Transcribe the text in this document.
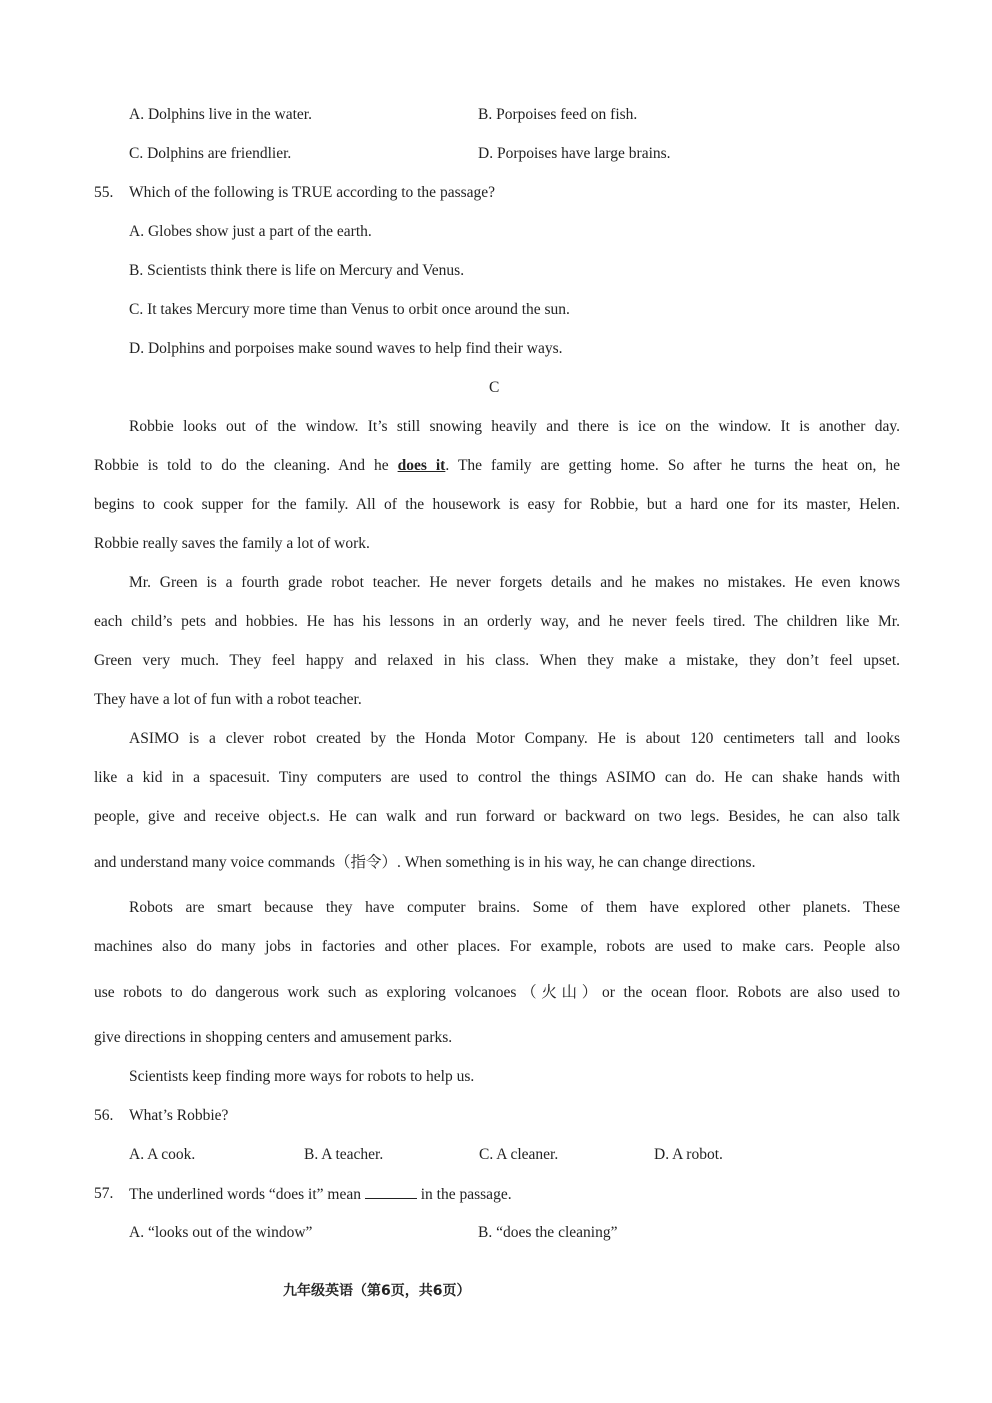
A. Dolphins live in the water.	B. Porpoises feed on fish.
C. Dolphins are friendlier.	D. Porpoises have large brains.
55. Which of the following is TRUE according to the passage?
A. Globes show just a part of the earth.
B. Scientists think there is life on Mercury and Venus.
C. It takes Mercury more time than Venus to orbit once around the sun.
D. Dolphins and porpoises make sound waves to help find their ways.
C
Robbie looks out of the window. It’s still snowing heavily and there is ice on the window. It is another day.
Robbie is told to do the cleaning. And he does it. The family are getting home. So after he turns the heat on, he
begins to cook supper for the family. All of the housework is easy for Robbie, but a hard one for its master, Helen.
Robbie really saves the family a lot of work.
Mr. Green is a fourth grade robot teacher. He never forgets details and he makes no mistakes. He even knows
each child’s pets and hobbies. He has his lessons in an orderly way, and he never feels tired. The children like Mr.
Green very much. They feel happy and relaxed in his class. When they make a mistake, they don’t feel upset.
They have a lot of fun with a robot teacher.
ASIMO is a clever robot created by the Honda Motor Company. He is about 120 centimeters tall and looks
like a kid in a spacesuit. Tiny computers are used to control the things ASIMO can do. He can shake hands with
people, give and receive object.s. He can walk and run forward or backward on two legs. Besides, he can also talk
and understand many voice commands（指令）. When something is in his way, he can change directions.
Robots are smart because they have computer brains. Some of them have explored other planets. These
machines also do many jobs in factories and other places. For example, robots are used to make cars. People also
use robots to do dangerous work such as exploring volcanoes（火山）or the ocean floor. Robots are also used to
give directions in shopping centers and amusement parks.
Scientists keep finding more ways for robots to help us.
56. What’s Robbie?
A. A cook.	B. A teacher.	C. A cleaner.	D. A robot.
57. The underlined words “does it” mean	in the passage.
A. “looks out of the window”	B. “does the cleaning”
九年级英语（第6页，共6页）
